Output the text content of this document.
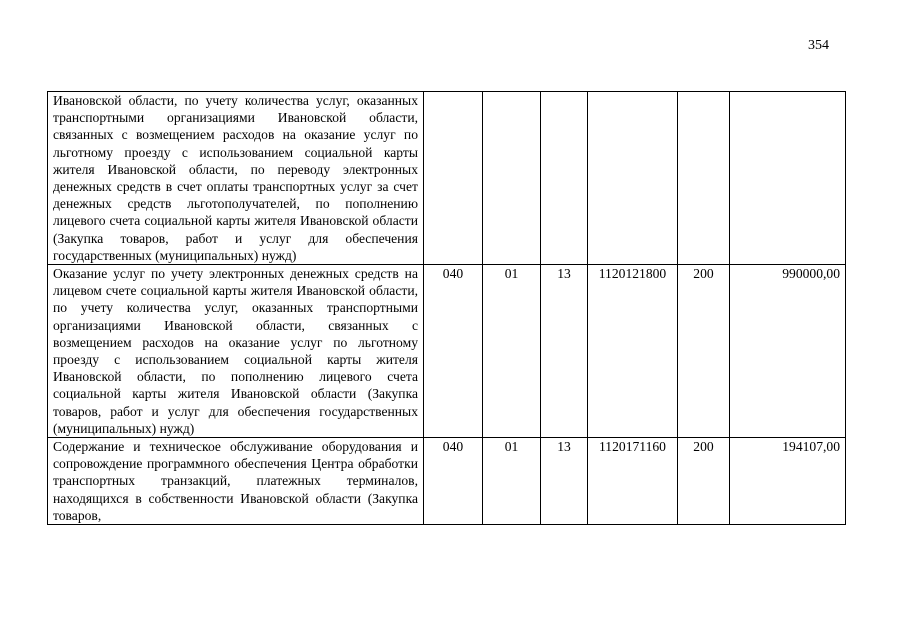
354
Ивановской области, по учету количества услуг, оказанных транспортными организациями Ивановской области, связанных с возмещением расходов на оказание услуг по льготному проезду с использованием социальной карты жителя Ивановской области, по переводу электронных денежных средств в счет оплаты транспортных услуг за счет денежных средств льготополучателей, по пополнению лицевого счета социальной карты жителя Ивановской области (Закупка товаров, работ и услуг для обеспечения государственных (муниципальных) нужд)						
Оказание услуг по учету электронных денежных средств на лицевом счете социальной карты жителя Ивановской области, по учету количества услуг, оказанных транспортными организациями Ивановской области, связанных с возмещением расходов на оказание услуг по льготному проезду с использованием социальной карты жителя Ивановской области, по пополнению лицевого счета социальной карты жителя Ивановской области (Закупка товаров, работ и услуг для обеспечения государственных (муниципальных) нужд)	040	01	13	1120121800	200	990000,00
Содержание и техническое обслуживание оборудования и сопровождение программного обеспечения Центра обработки транспортных транзакций, платежных терминалов, находящихся в собственности Ивановской области (Закупка товаров,	040	01	13	1120171160	200	194107,00
